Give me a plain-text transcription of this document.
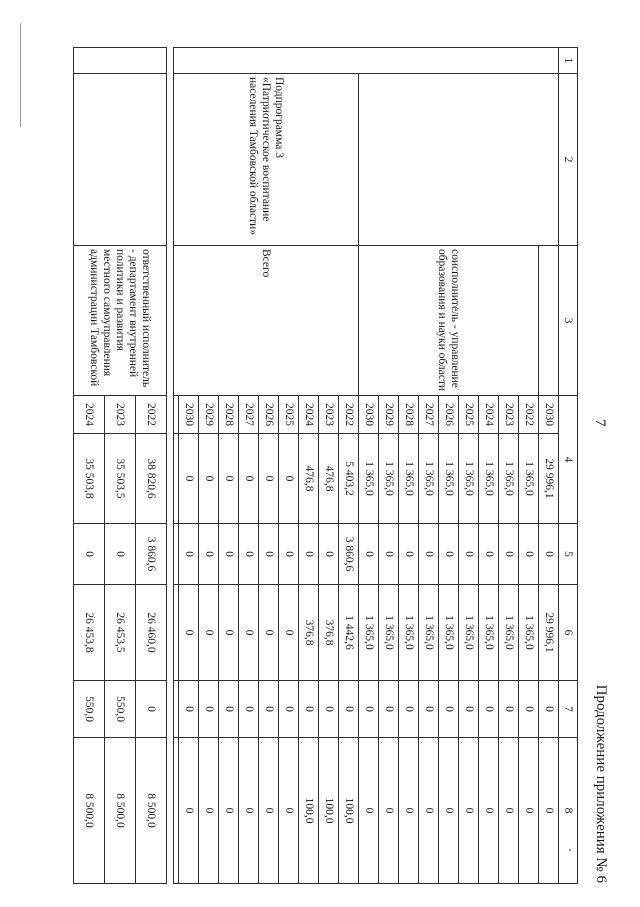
7
Продолжение приложения № 6
1	2	3	4		5	6	7	8
			2030	29 996,1	0	29 996,1	0	0
		соисполнитель - управление образования и науки области	2022	1 365,0	0	1 365,0	0	0
			2023	1 365,0	0	1 365,0	0	0
			2024	1 365,0	0	1 365,0	0	0
			2025	1 365,0	0	1 365,0	0	0
			2026	1 365,0	0	1 365,0	0	0
			2027	1 365,0	0	1 365,0	0	0
			2028	1 365,0	0	1 365,0	0	0
			2029	1 365,0	0	1 365,0	0	0
			2030	1 365,0	0	1 365,0	0	0
	Подпрограмма 3 «Патриотическое воспитание населения Тамбовской области»	Всего	2022	5 403,2	3 860,6	1 442,6	0	100,0
			2023	476,8	0	376,8	0	100,0
			2024	476,8	0	376,8	0	100,0
			2025	0	0	0	0	0
			2026	0	0	0	0	0
			2027	0	0	0	0	0
			2028	0	0	0	0	0
			2029	0	0	0	0	0
			2030	0	0	0	0	0

		ответственный исполнитель - департамент внутренней политики и развития местного самоуправления администрации Тамбовской	2022	38 820,6	3 860,6	26 460,0	0	8 500,0
			2023	35 503,5	0	26 453,5	550,0	8 500,0
			2024	35 503,8	0	26 453,8	550,0	8 500,0
